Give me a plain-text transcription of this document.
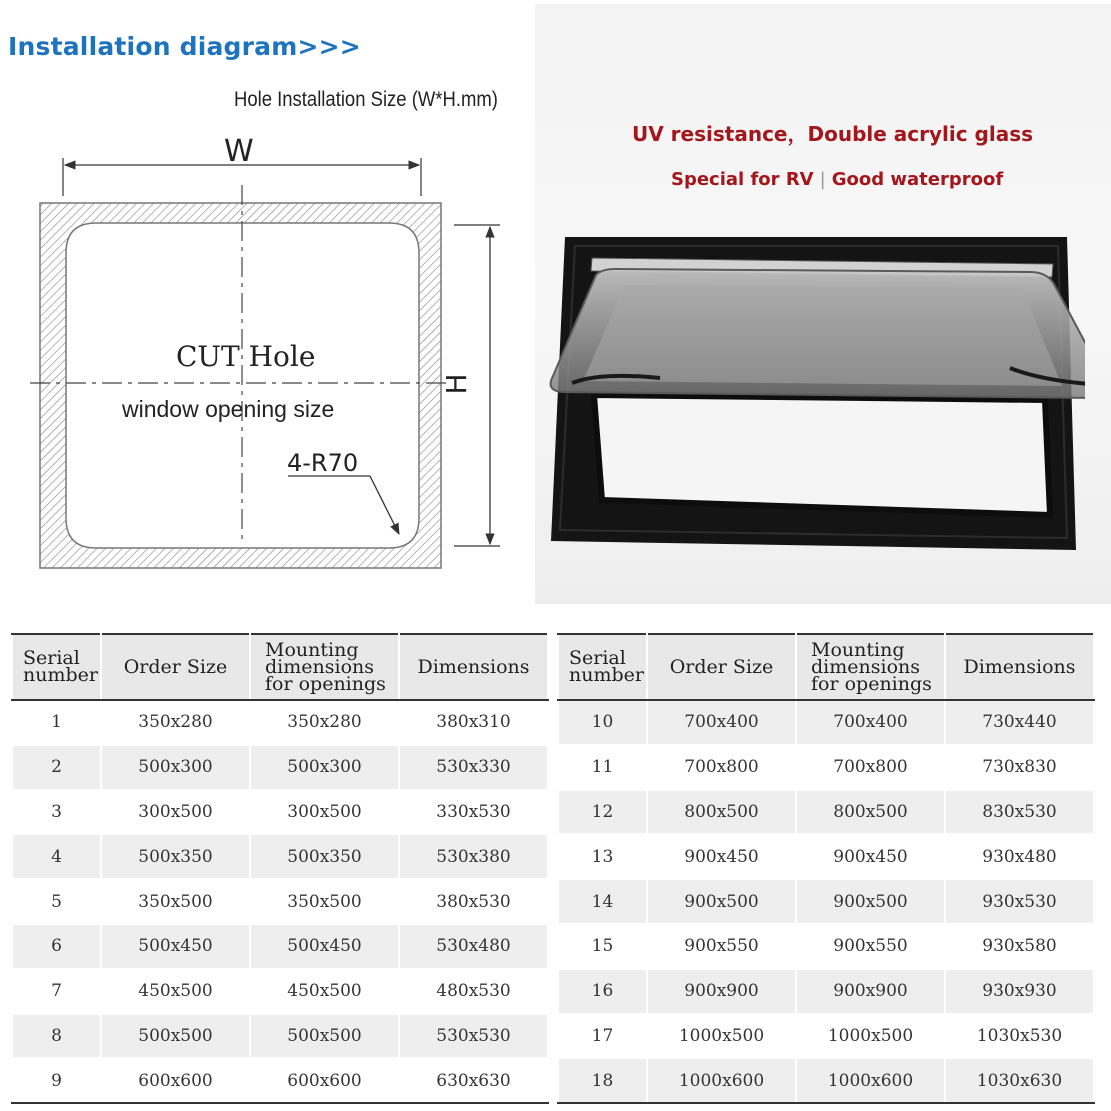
Installation diagram>>>
Hole Installation Size (W*H.mm)
W
H
CUT Hole
window opening size
4-R70
UV resistance，Double acrylic glass
Special for RV | Good waterproof
Serial
number	Order Size	Mounting
dimensions
for openings	Dimensions
1	350x280	350x280	380x310
2	500x300	500x300	530x330
3	300x500	300x500	330x530
4	500x350	500x350	530x380
5	350x500	350x500	380x530
6	500x450	500x450	530x480
7	450x500	450x500	480x530
8	500x500	500x500	530x530
9	600x600	600x600	630x630
Serial
number	Order Size	Mounting
dimensions
for openings	Dimensions
10	700x400	700x400	730x440
11	700x800	700x800	730x830
12	800x500	800x500	830x530
13	900x450	900x450	930x480
14	900x500	900x500	930x530
15	900x550	900x550	930x580
16	900x900	900x900	930x930
17	1000x500	1000x500	1030x530
18	1000x600	1000x600	1030x630
